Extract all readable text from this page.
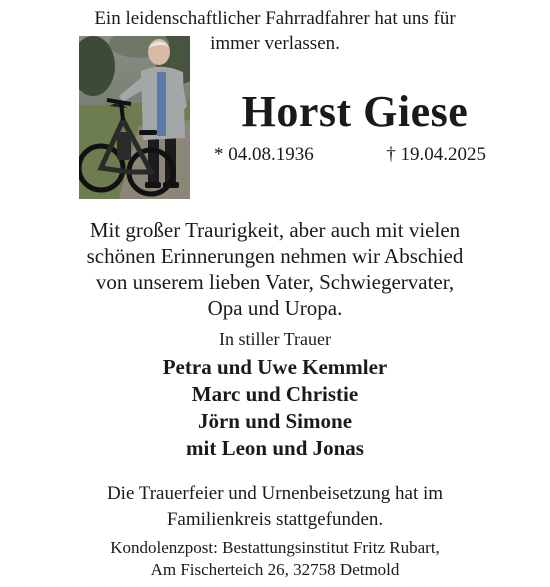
Ein leidenschaftlicher Fahrradfahrer hat uns für
immer verlassen.
Horst Giese
* 04.08.1936	† 19.04.2025
Mit großer Traurigkeit, aber auch mit vielen
schönen Erinnerungen nehmen wir Abschied
von unserem lieben Vater, Schwiegervater,
Opa und Uropa.
In stiller Trauer
Petra und Uwe Kemmler
Marc und Christie
Jörn und Simone
mit Leon und Jonas
Die Trauerfeier und Urnenbeisetzung hat im
Familienkreis stattgefunden.
Kondolenzpost: Bestattungsinstitut Fritz Rubart,
Am Fischerteich 26, 32758 Detmold
